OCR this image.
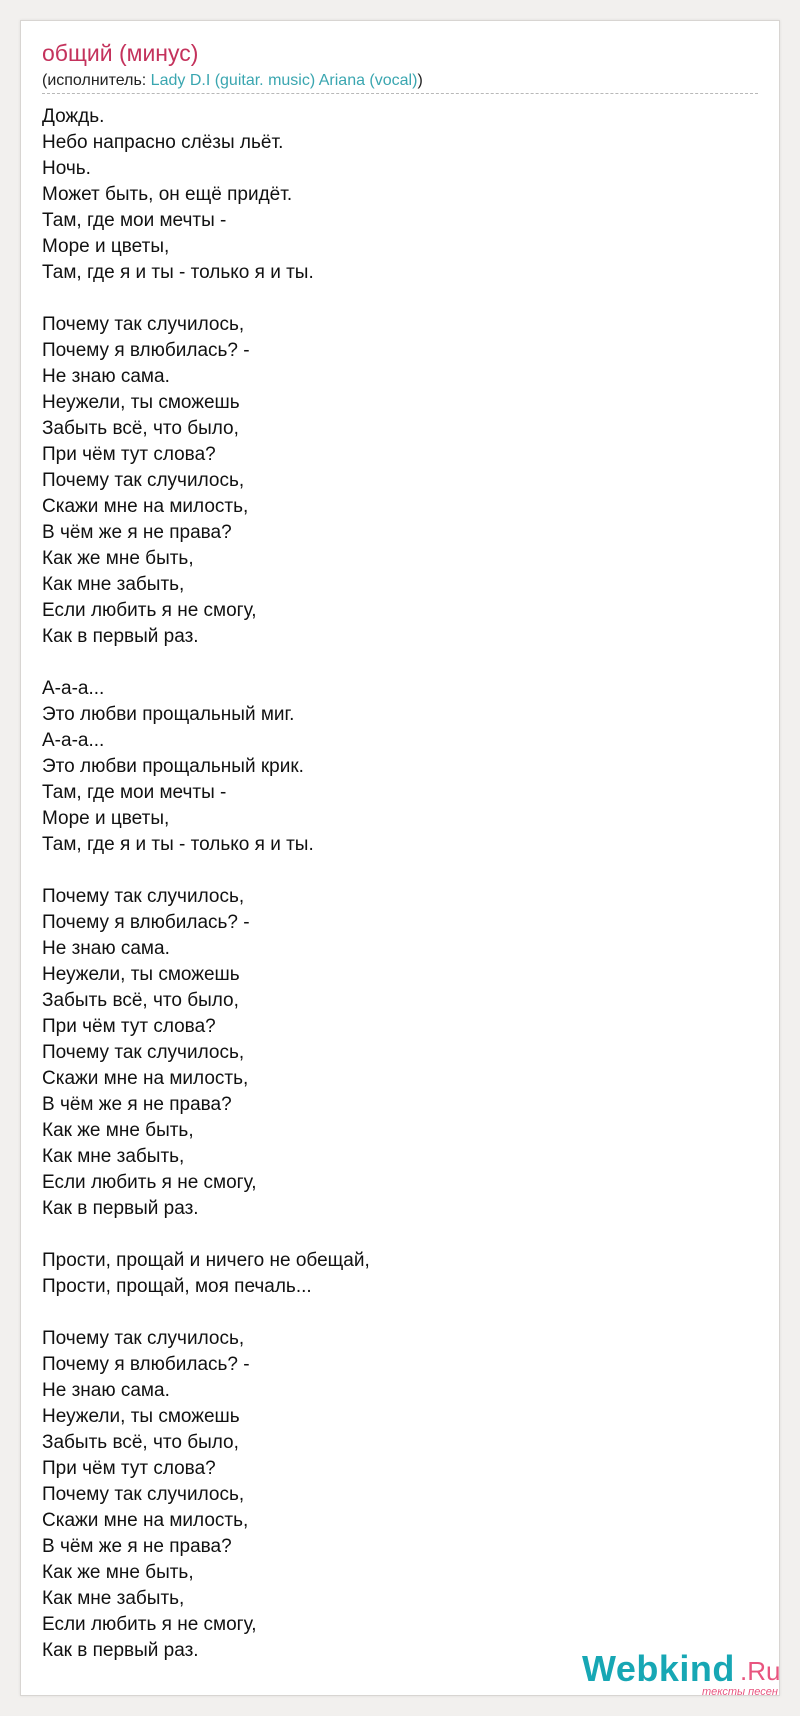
общий (минус)
(исполнитель: Lady D.I (guitar. music) Ariana (vocal))
Дождь.
Небо напрасно слёзы льёт.
Ночь.
Может быть, он ещё придёт.
Там, где мои мечты -
Море и цветы,
Там, где я и ты - только я и ты.
Почему так случилось,
Почему я влюбилась? -
Не знаю сама.
Неужели, ты сможешь
Забыть всё, что было,
При чём тут слова?
Почему так случилось,
Скажи мне на милость,
В чём же я не права?
Как же мне быть,
Как мне забыть,
Если любить я не смогу,
Как в первый раз.
А-а-а...
Это любви прощальный миг.
А-а-а...
Это любви прощальный крик.
Там, где мои мечты -
Море и цветы,
Там, где я и ты - только я и ты.
Почему так случилось,
Почему я влюбилась? -
Не знаю сама.
Неужели, ты сможешь
Забыть всё, что было,
При чём тут слова?
Почему так случилось,
Скажи мне на милость,
В чём же я не права?
Как же мне быть,
Как мне забыть,
Если любить я не смогу,
Как в первый раз.
Прости, прощай и ничего не обещай,
Прости, прощай, моя печаль...
Почему так случилось,
Почему я влюбилась? -
Не знаю сама.
Неужели, ты сможешь
Забыть всё, что было,
При чём тут слова?
Почему так случилось,
Скажи мне на милость,
В чём же я не права?
Как же мне быть,
Как мне забыть,
Если любить я не смогу,
Как в первый раз.	Webkind .Ru
тексты песен
